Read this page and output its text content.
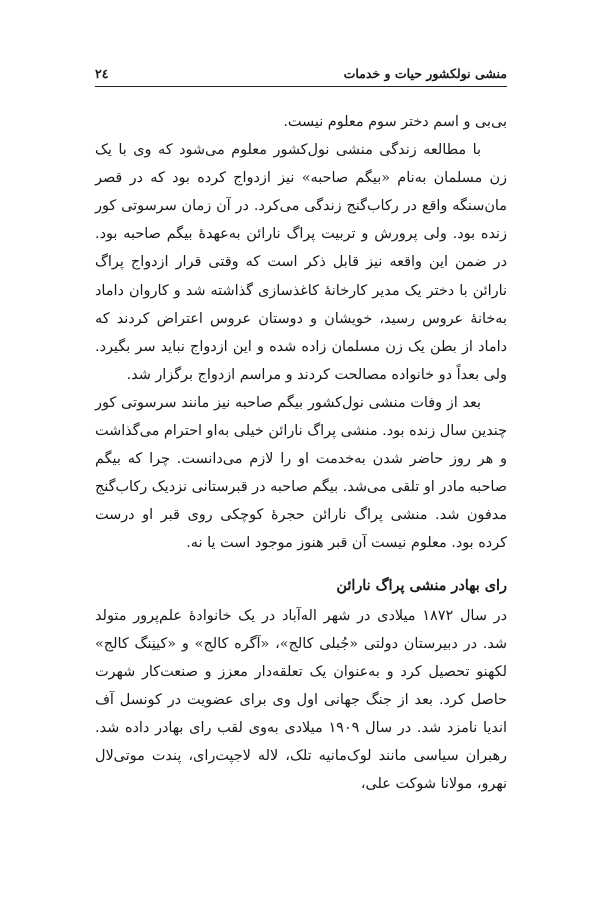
منشی نولکشور حیات و خدمات
٢٤

بی‌بی و اسم دختر سوم معلوم نیست.

با مطالعه زندگی منشی نول‌کشور معلوم می‌شود که وی با یک زن مسلمان به‌نام «بیگم صاحبه» نیز ازدواج کرده بود که در قصر مان‌سنگه واقع در رکاب‌گنج زندگی می‌کرد. در آن زمان سرسوتی کور زنده بود. ولی پرورش و تربیت پراگ نارائن به‌عهدهٔ بیگم صاحبه بود. در ضمن این واقعه نیز قابل ذکر است که وقتی قرار ازدواج پراگ نارائن با دختر یک مدیر کارخانهٔ کاغذسازی گذاشته شد و کاروان داماد به‌خانهٔ عروس رسید، خویشان و دوستان عروس اعتراض کردند که داماد از بطن یک زن مسلمان زاده شده و این ازدواج نباید سر بگیرد. ولی بعداً دو خانواده مصالحت کردند و مراسم ازدواج برگزار شد.

بعد از وفات منشی نول‌کشور بیگم صاحبه نیز مانند سرسوتی کور چندین سال زنده بود. منشی پراگ نارائن خیلی به‌او احترام می‌گذاشت و هر روز حاضر شدن به‌خدمت او را لازم می‌دانست. چرا که بیگم صاحبه مادر او تلقی می‌شد. بیگم صاحبه در قبرستانی نزدیک رکاب‌گنج مدفون شد. منشی پراگ نارائن حجرهٔ کوچکی روی قبر او درست کرده بود. معلوم نیست آن قبر هنوز موجود است یا نه.

رای بهادر منشی پراگ نارائن

در سال ۱۸۷۲ میلادی در شهر اله‌آباد در یک خانوادهٔ علم‌پرور متولد شد. در دبیرستان دولتی «جُبلی کالج»، «آگره کالج» و «کینِنگ کالج» لکهنو تحصیل کرد و به‌عنوان یک تعلقه‌دار معزز و صنعت‌کار شهرت حاصل کرد. بعد از جنگ جهانی اول وی برای عضویت در کونسل آف اندیا نامزد شد. در سال ۱۹۰۹ میلادی به‌وی لقب رای بهادر داده شد. رهبران سیاسی مانند لوک‌مانیه تلک، لاله لاجپت‌رای، پندت موتی‌لال نهرو، مولانا شوکت علی،
